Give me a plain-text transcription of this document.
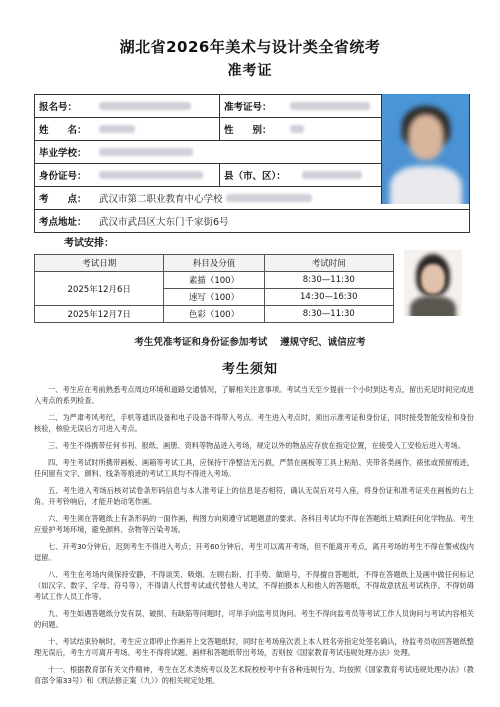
湖北省2026年美术与设计类全省统考
准考证
报名号：	准考证号：
姓　　名：	性　　别：
毕业学校：
身份证号：	县（市、区）：
考　　点：	武汉市第二职业教育中心学校

考点地址：	武汉市武昌区大东门千家街6号
考试安排：
考试日期	科目及分值	考试时间
2025年12月6日	素描（100）	8:30—11:30
	速写（100）	14:30—16:30
2025年12月7日	色彩（100）	8:30—11:30
考生凭准考证和身份证参加考试　 遵规守纪、诚信应考
考生须知

一、考生应在考前熟悉考点周边环境和道路交通情况，了解相关注意事项。考试当天至少提前一个小时到达考点，留出充足时间完成进入考点的系列检查。

二、为严肃考风考纪，手机等通讯设备和电子设备不得带入考点。考生进入考点时，须出示准考证和身份证，同时接受智能安检和身份核验，核验无误后方可进入考点。

三、考生不得携带任何书刊、报纸、画册、资料等物品进入考场，规定以外的物品应存放在指定位置，在接受入工安检后进入考场。

四、考生考试时所携带画板、画箱等考试工具，应保持干净整洁无污损，严禁在画板等工具上粘贴、夹带各类画作，裱张或预留痕迹，任何留有文字、颜料、线条等痕迹的考试工具均不得进入考场。

五、考生进入考场后核对试卷条形码信息与本人准考证上的信息是否相符，确认无误后对号入座，将身份证和准考证夹在画板的右上角。开考铃响后，才能开始动笔作画。

六、考生须在答题纸上有条形码的一面作画，构图方向须遵守试题题意的要求。各科目考试均不得在答题纸上喷洒任何化学物品。考生应爱护考场环境，避免颜料、杂物等污染考场。

七、开考30分钟后，迟到考生不得进入考点；开考60分钟后，考生可以离开考场，但不能离开考点，离开考场的考生不得在警戒线内逗留。

八、考生在考场内须保持安静，不得谈笑、吸烟、左顾右盼、打手势、做暗号，不得擅自答题纸，不得在答题纸上及画中做任何标记（如汉字、数字、字母、符号等），不得请人代替考试或代替他人考试，不得拍摄本人和他人的答题纸，不得故意扰乱考试秩序，不得妨碍考试工作人员工作等。

九、考生如遇答题纸分发有误、破损、有缺陷等问题时，可举手向监考员询问。考生不得向监考员等考试工作人员询问与考试内容相关的问题。

十、考试结束铃响时，考生应立即停止作画并上交答题纸时，同时在考场座次表上本人姓名旁指定处签名确认，待监考员收回答题纸整理无误后，考生方可离开考场。考生不得将试题、画样和答题纸带出考场，否则按《国家教育考试违规处理办法》处理。

十一、根据教育部有关文件精神，考生在艺术类统考以及艺术院校校考中有各种违规行为，均按照《国家教育考试违规处理办法》（教育部令第33号）和《刑法修正案（九）》的相关规定处理。
